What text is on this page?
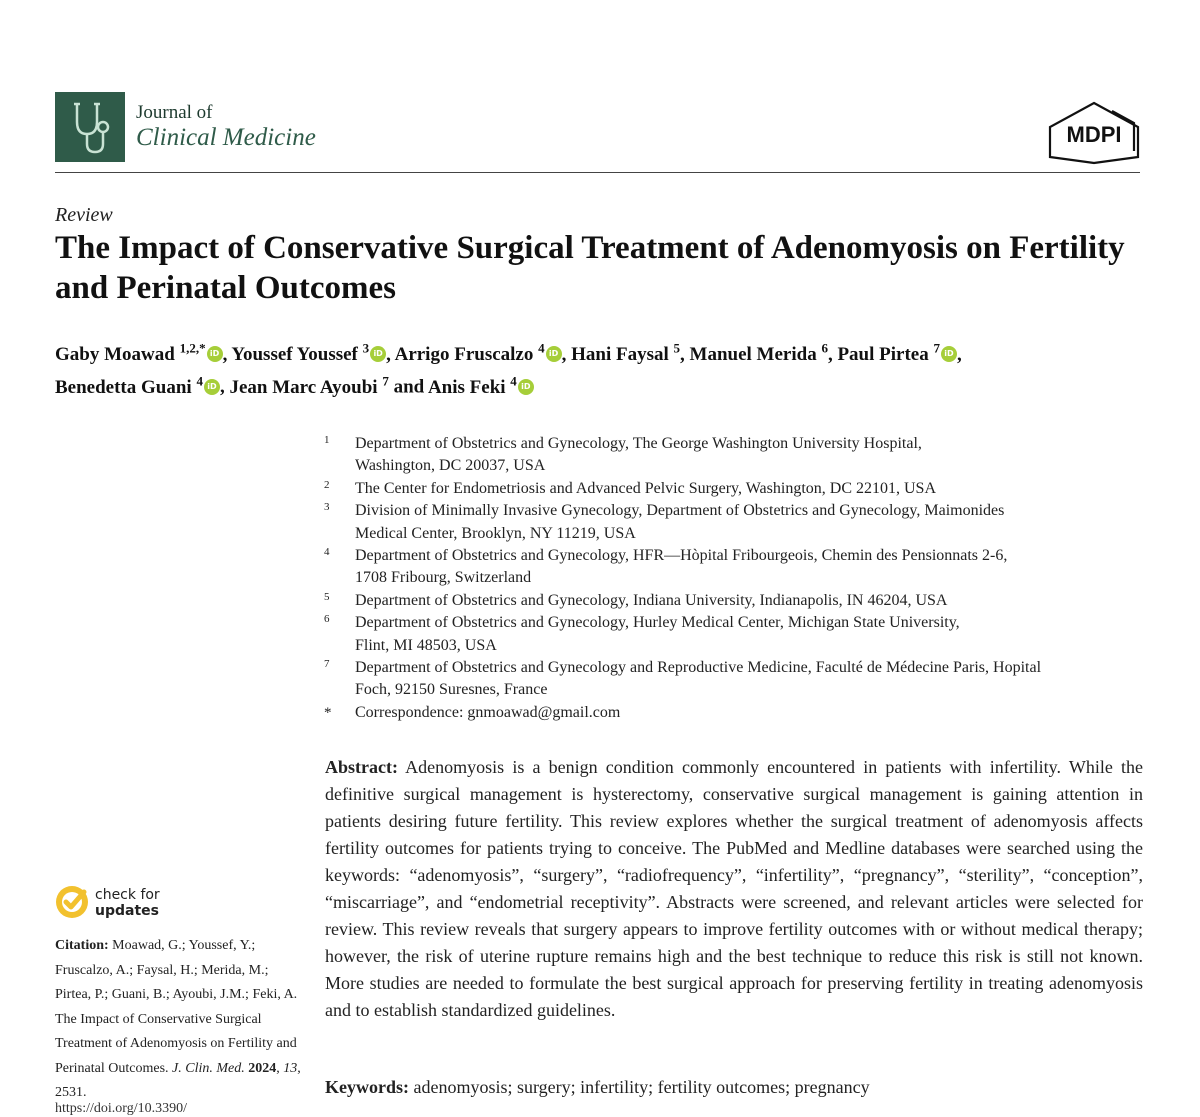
Journal of
Clinical Medicine	MDPI
Review
The Impact of Conservative Surgical Treatment of Adenomyosis on Fertility and Perinatal Outcomes
Gaby Moawad $^{1,2,*}$ iD , Youssef Youssef $^3$ iD , Arrigo Fruscalzo $^4$ iD , Hani Faysal $^5$, Manuel Merida $^6$, Paul Pirtea $^7$ iD ,
Benedetta Guani $^4$ iD , Jean Marc Ayoubi $^7$ and Anis Feki $^4$ iD
1	Department of Obstetrics and Gynecology, The George Washington University Hospital,
Washington, DC 20037, USA
2	The Center for Endometriosis and Advanced Pelvic Surgery, Washington, DC 22101, USA
3	Division of Minimally Invasive Gynecology, Department of Obstetrics and Gynecology, Maimonides
Medical Center, Brooklyn, NY 11219, USA
4	Department of Obstetrics and Gynecology, HFR—Hòpital Fribourgeois, Chemin des Pensionnats 2-6,
1708 Fribourg, Switzerland
5	Department of Obstetrics and Gynecology, Indiana University, Indianapolis, IN 46204, USA
6	Department of Obstetrics and Gynecology, Hurley Medical Center, Michigan State University,
Flint, MI 48503, USA
7	Department of Obstetrics and Gynecology and Reproductive Medicine, Faculté de Médecine Paris, Hopital
Foch, 92150 Suresnes, France
*	Correspondence: gnmoawad@gmail.com
Abstract: Adenomyosis is a benign condition commonly encountered in patients with infertility. While the definitive surgical management is hysterectomy, conservative surgical management is gaining attention in patients desiring future fertility. This review explores whether the surgical treatment of adenomyosis affects fertility outcomes for patients trying to conceive. The PubMed and Medline databases were searched using the keywords: “adenomyosis”, “surgery”, “radiofrequency”, “infertility”, “pregnancy”, “sterility”, “conception”, “miscarriage”, and “endometrial receptivity”. Abstracts were screened, and relevant articles were selected for review. This review reveals that surgery appears to improve fertility outcomes with or without medical therapy; however, the risk of uterine rupture remains high and the best technique to reduce this risk is still not known. More studies are needed to formulate the best surgical approach for preserving fertility in treating adenomyosis and to establish standardized guidelines.
Keywords: adenomyosis; surgery; infertility; fertility outcomes; pregnancy
check for
updates
Citation: Moawad, G.; Youssef, Y.; Fruscalzo, A.; Faysal, H.; Merida, M.; Pirtea, P.; Guani, B.; Ayoubi, J.M.; Feki, A. The Impact of Conservative Surgical Treatment of Adenomyosis on Fertility and Perinatal Outcomes. J. Clin. Med. 2024, 13, 2531.
https://doi.org/10.3390/
